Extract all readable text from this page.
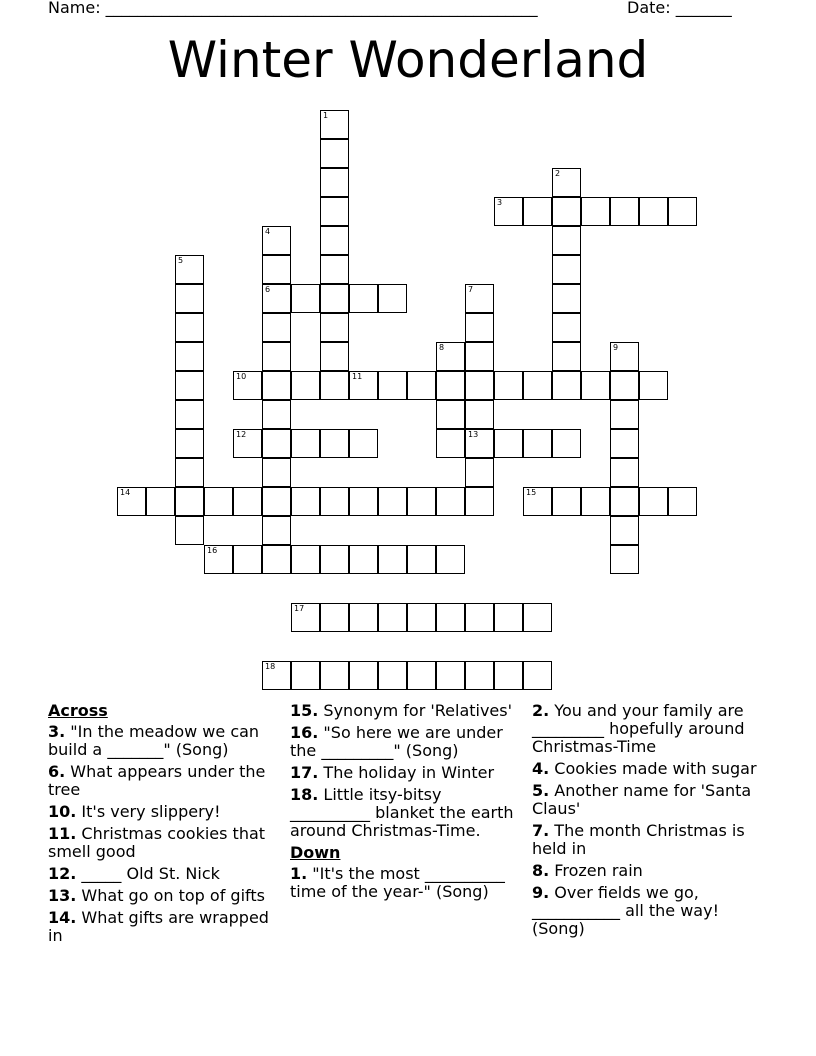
Name: ______________________________________________________	Date: _______
Winter Wonderland
1
2
3
4
6
5
7
13
8	9
10	11
12
14	15
16
17
18
Across
3. "In the meadow we can build a _______" (Song)
6. What appears under the tree
10. It's very slippery!
11. Christmas cookies that smell good
12. _____ Old St. Nick
13. What go on top of gifts
14. What gifts are wrapped in
15. Synonym for 'Relatives'
16. "So here we are under the _________" (Song)
17. The holiday in Winter
18. Little itsy-bitsy __________ blanket the earth around Christmas-Time.
Down
1. "It's the most __________ time of the year-" (Song)
2. You and your family are _________ hopefully around Christmas-Time
4. Cookies made with sugar
5. Another name for 'Santa Claus'
7. The month Christmas is held in
8. Frozen rain
9. Over fields we go, ___________ all the way! (Song)
